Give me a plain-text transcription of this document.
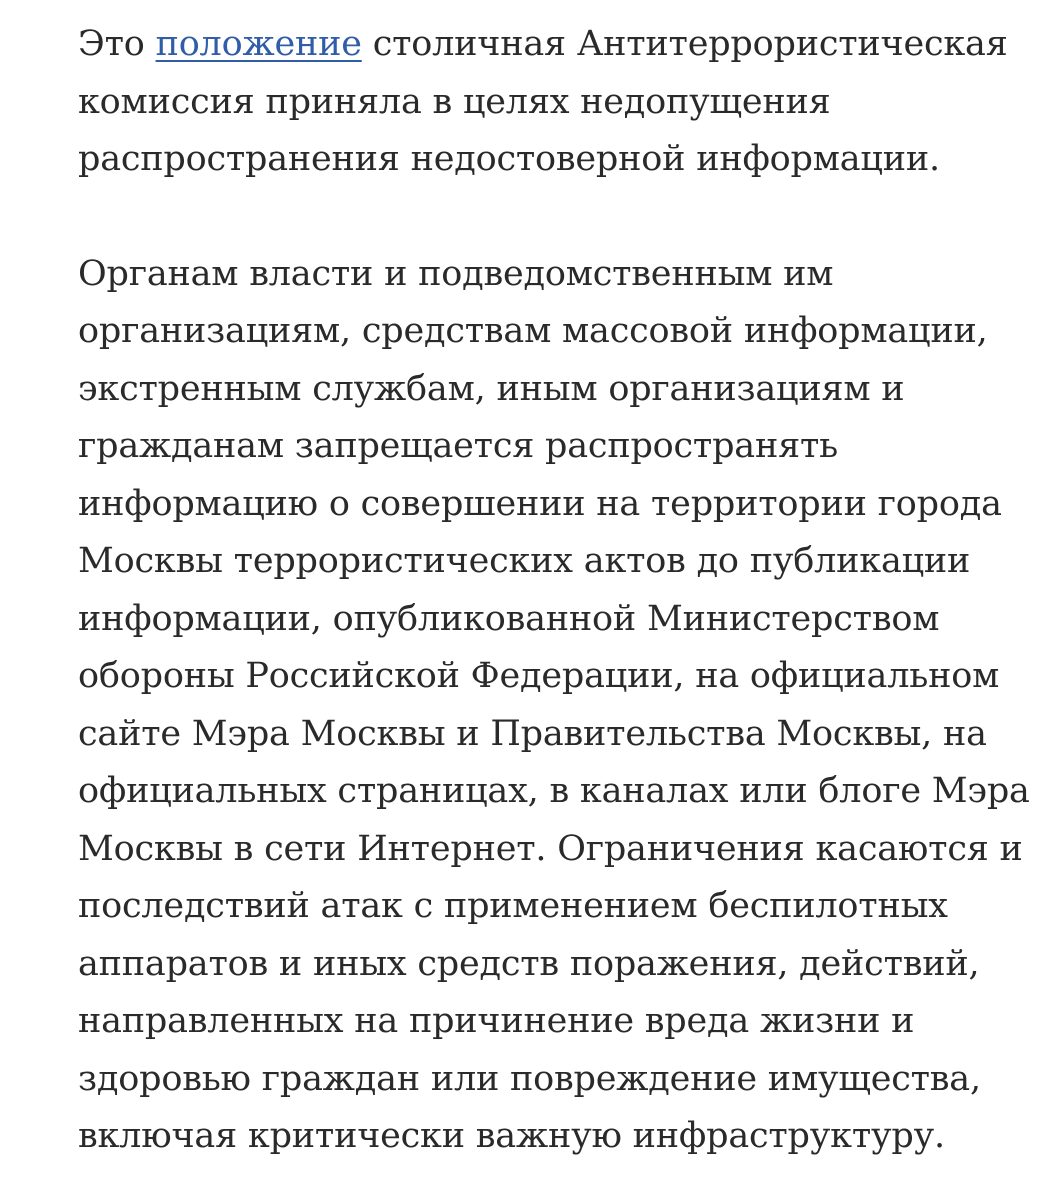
Это положение столичная Антитеррористическая
комиссия приняла в целях недопущения
распространения недостоверной информации.

Органам власти и подведомственным им
организациям, средствам массовой информации,
экстренным службам, иным организациям и
гражданам запрещается распространять
информацию о совершении на территории города
Москвы террористических актов до публикации
информации, опубликованной Министерством
обороны Российской Федерации, на официальном
сайте Мэра Москвы и Правительства Москвы, на
официальных страницах, в каналах или блоге Мэра
Москвы в сети Интернет. Ограничения касаются и
последствий атак с применением беспилотных
аппаратов и иных средств поражения, действий,
направленных на причинение вреда жизни и
здоровью граждан или повреждение имущества,
включая критически важную инфраструктуру.
